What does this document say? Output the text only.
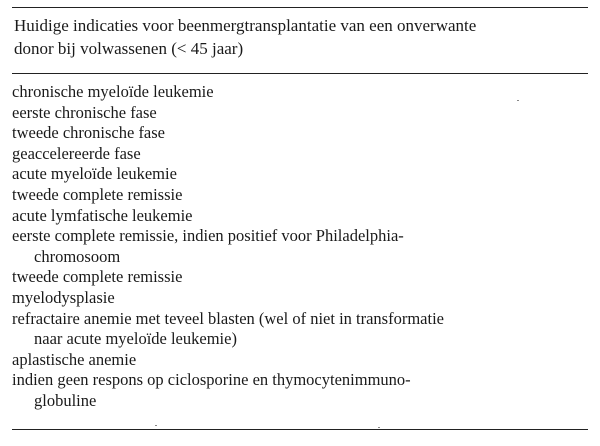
Huidige indicaties voor beenmergtransplantatie van een onverwante
donor bij volwassenen (< 45 jaar)
chronische myeloïde leukemie
eerste chronische fase
tweede chronische fase
geaccelereerde fase
acute myeloïde leukemie
tweede complete remissie
acute lymfatische leukemie
eerste complete remissie, indien positief voor Philadelphia-
chromosoom
tweede complete remissie
myelodysplasie
refractaire anemie met teveel blasten (wel of niet in transformatie
naar acute myeloïde leukemie)
aplastische anemie
indien geen respons op ciclosporine en thymocytenimmuno-
globuline
